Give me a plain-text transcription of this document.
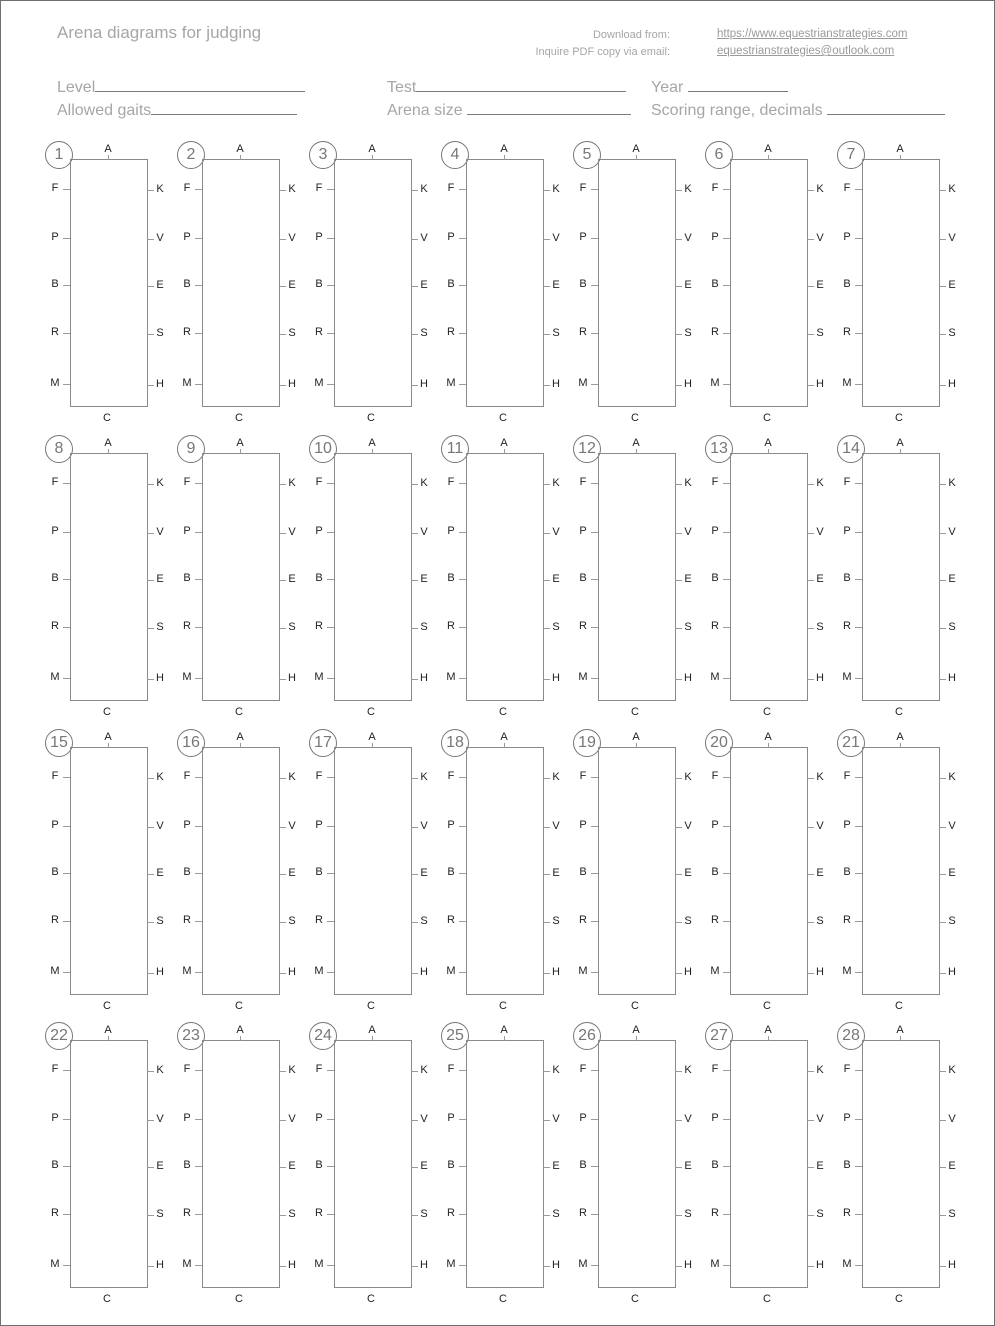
Arena diagrams for judging	Download from:	https://www.equestrianstrategies.com
Inquire PDF copy via email:	equestrianstrategies@outlook.com
Level
Allowed gaits
Test
Arena size
Year
Scoring range, decimals
1	A
C
F	K
P	V
B	E
R	S
M	H
2	A
C
F	K
P	V
B	E
R	S
M	H
3	A
C
F	K
P	V
B	E
R	S
M	H
4	A
C
F	K
P	V
B	E
R	S
M	H
5	A
C
F	K
P	V
B	E
R	S
M	H
6	A
C
F	K
P	V
B	E
R	S
M	H
7	A
C
F	K
P	V
B	E
R	S
M	H
8	A
C
F	K
P	V
B	E
R	S
M	H
9	A
C
F	K
P	V
B	E
R	S
M	H
10	A
C
F	K
P	V
B	E
R	S
M	H
11	A
C
F	K
P	V
B	E
R	S
M	H
12	A
C
F	K
P	V
B	E
R	S
M	H
13	A
C
F	K
P	V
B	E
R	S
M	H
14	A
C
F	K
P	V
B	E
R	S
M	H
15	A
C
F	K
P	V
B	E
R	S
M	H
16	A
C
F	K
P	V
B	E
R	S
M	H
17	A
C
F	K
P	V
B	E
R	S
M	H
18	A
C
F	K
P	V
B	E
R	S
M	H
19	A
C
F	K
P	V
B	E
R	S
M	H
20	A
C
F	K
P	V
B	E
R	S
M	H
21	A
C
F	K
P	V
B	E
R	S
M	H
22	A
C
F	K
P	V
B	E
R	S
M	H
23	A
C
F	K
P	V
B	E
R	S
M	H
24	A
C
F	K
P	V
B	E
R	S
M	H
25	A
C
F	K
P	V
B	E
R	S
M	H
26	A
C
F	K
P	V
B	E
R	S
M	H
27	A
C
F	K
P	V
B	E
R	S
M	H
28	A
C
F	K
P	V
B	E
R	S
M	H
